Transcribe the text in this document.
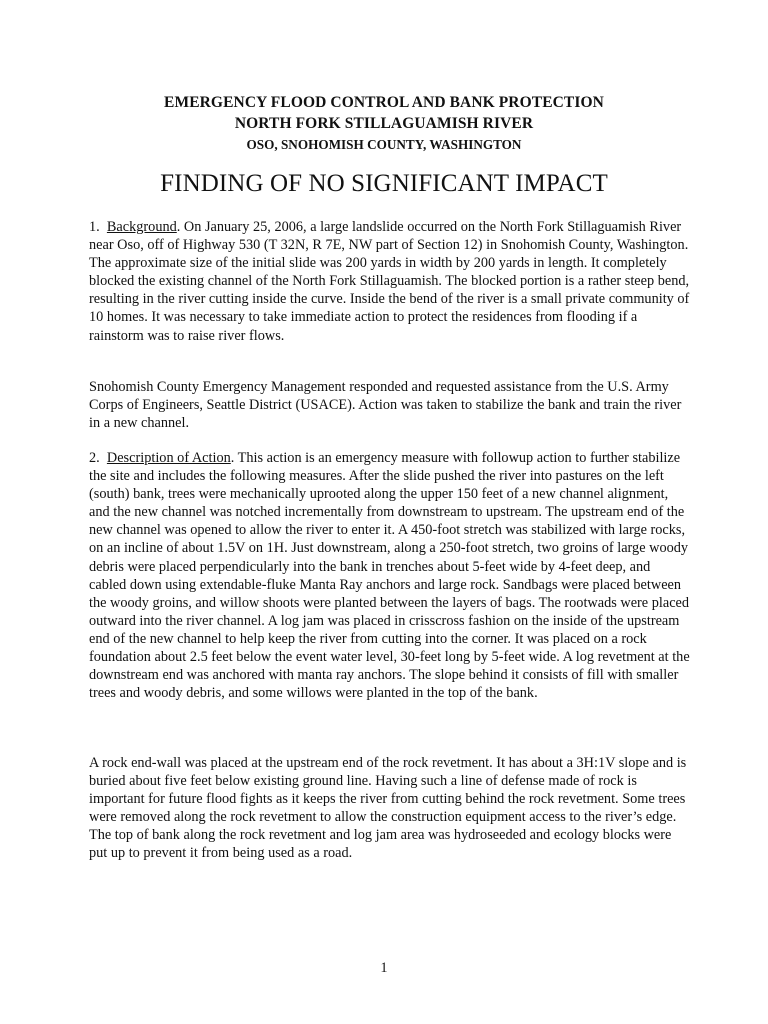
EMERGENCY FLOOD CONTROL AND BANK PROTECTION

NORTH FORK STILLAGUAMISH RIVER

OSO, SNOHOMISH COUNTY, WASHINGTON

FINDING OF NO SIGNIFICANT IMPACT

1. Background. On January 25, 2006, a large landslide occurred on the North Fork Stillaguamish River near Oso, off of Highway 530 (T 32N, R 7E, NW part of Section 12) in Snohomish County, Washington. The approximate size of the initial slide was 200 yards in width by 200 yards in length. It completely blocked the existing channel of the North Fork Stillaguamish. The blocked portion is a rather steep bend, resulting in the river cutting inside the curve. Inside the bend of the river is a small private community of 10 homes. It was necessary to take immediate action to protect the residences from flooding if a rainstorm was to raise river flows.

Snohomish County Emergency Management responded and requested assistance from the U.S. Army Corps of Engineers, Seattle District (USACE). Action was taken to stabilize the bank and train the river in a new channel.

2. Description of Action. This action is an emergency measure with followup action to further stabilize the site and includes the following measures. After the slide pushed the river into pastures on the left (south) bank, trees were mechanically uprooted along the upper 150 feet of a new channel alignment, and the new channel was notched incrementally from downstream to upstream. The upstream end of the new channel was opened to allow the river to enter it. A 450-foot stretch was stabilized with large rocks, on an incline of about 1.5V on 1H. Just downstream, along a 250-foot stretch, two groins of large woody debris were placed perpendicularly into the bank in trenches about 5-feet wide by 4-feet deep, and cabled down using extendable-fluke Manta Ray anchors and large rock. Sandbags were placed between the woody groins, and willow shoots were planted between the layers of bags. The rootwads were placed outward into the river channel. A log jam was placed in crisscross fashion on the inside of the upstream end of the new channel to help keep the river from cutting into the corner. It was placed on a rock foundation about 2.5 feet below the event water level, 30-feet long by 5-feet wide. A log revetment at the downstream end was anchored with manta ray anchors. The slope behind it consists of fill with smaller trees and woody debris, and some willows were planted in the top of the bank.

A rock end-wall was placed at the upstream end of the rock revetment. It has about a 3H:1V slope and is buried about five feet below existing ground line. Having such a line of defense made of rock is important for future flood fights as it keeps the river from cutting behind the rock revetment. Some trees were removed along the rock revetment to allow the construction equipment access to the river’s edge. The top of bank along the rock revetment and log jam area was hydroseeded and ecology blocks were put up to prevent it from being used as a road.

1
